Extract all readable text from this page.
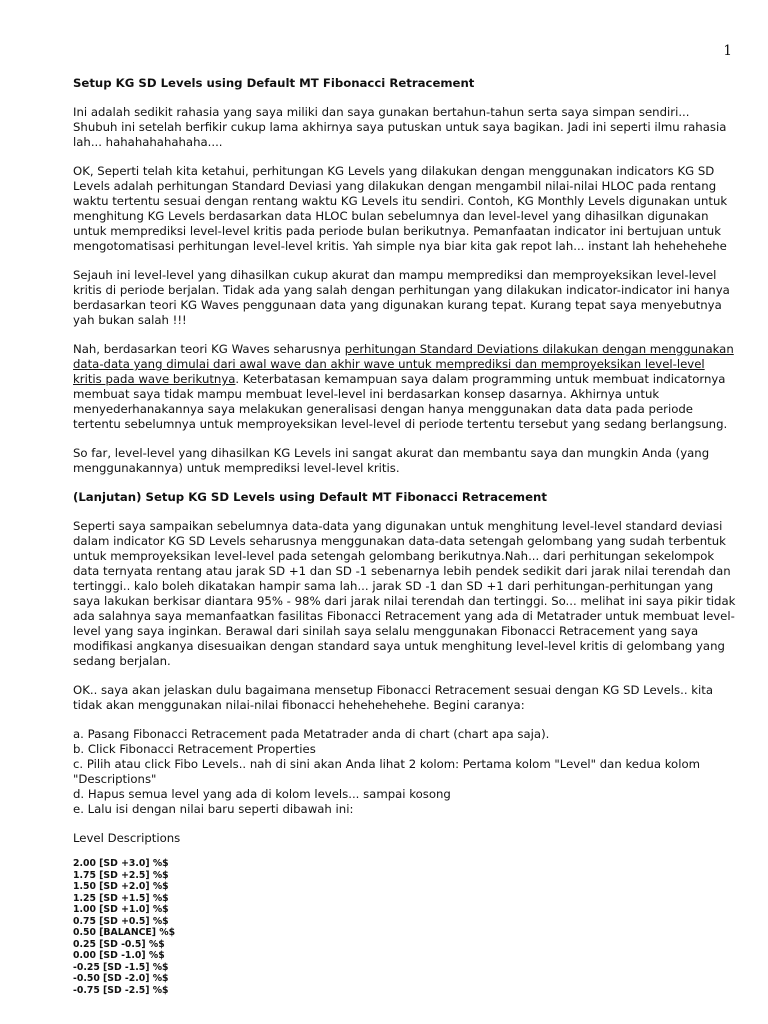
1
Setup KG SD Levels using Default MT Fibonacci Retracement
Ini adalah sedikit rahasia yang saya miliki dan saya gunakan bertahun-tahun serta saya simpan sendiri... Shubuh ini setelah berfikir cukup lama akhirnya saya putuskan untuk saya bagikan. Jadi ini seperti ilmu rahasia lah... hahahahahahaha....
OK, Seperti telah kita ketahui, perhitungan KG Levels yang dilakukan dengan menggunakan indicators KG SD Levels adalah perhitungan Standard Deviasi yang dilakukan dengan mengambil nilai-nilai HLOC pada rentang waktu tertentu sesuai dengan rentang waktu KG Levels itu sendiri. Contoh, KG Monthly Levels digunakan untuk menghitung KG Levels berdasarkan data HLOC bulan sebelumnya dan level-level yang dihasilkan digunakan untuk memprediksi level-level kritis pada periode bulan berikutnya. Pemanfaatan indicator ini bertujuan untuk mengotomatisasi perhitungan level-level kritis. Yah simple nya biar kita gak repot lah... instant lah hehehehehe
Sejauh ini level-level yang dihasilkan cukup akurat dan mampu memprediksi dan memproyeksikan level-level kritis di periode berjalan. Tidak ada yang salah dengan perhitungan yang dilakukan indicator-indicator ini hanya berdasarkan teori KG Waves penggunaan data yang digunakan kurang tepat. Kurang tepat saya menyebutnya yah bukan salah !!!
Nah, berdasarkan teori KG Waves seharusnya perhitungan Standard Deviations dilakukan dengan menggunakan data-data yang dimulai dari awal wave dan akhir wave untuk memprediksi dan memproyeksikan level-level kritis pada wave berikutnya. Keterbatasan kemampuan saya dalam programming untuk membuat indicatornya membuat saya tidak mampu membuat level-level ini berdasarkan konsep dasarnya. Akhirnya untuk menyederhanakannya saya melakukan generalisasi dengan hanya menggunakan data data pada periode tertentu sebelumnya untuk memproyeksikan level-level di periode tertentu tersebut yang sedang berlangsung.
So far, level-level yang dihasilkan KG Levels ini sangat akurat dan membantu saya dan mungkin Anda (yang menggunakannya) untuk memprediksi level-level kritis.
(Lanjutan) Setup KG SD Levels using Default MT Fibonacci Retracement
Seperti saya sampaikan sebelumnya data-data yang digunakan untuk menghitung level-level standard deviasi dalam indicator KG SD Levels seharusnya menggunakan data-data setengah gelombang yang sudah terbentuk untuk memproyeksikan level-level pada setengah gelombang berikutnya.Nah... dari perhitungan sekelompok data ternyata rentang atau jarak SD +1 dan SD -1 sebenarnya lebih pendek sedikit dari jarak nilai terendah dan tertinggi.. kalo boleh dikatakan hampir sama lah... jarak SD -1 dan SD +1 dari perhitungan-perhitungan yang saya lakukan berkisar diantara 95% - 98% dari jarak nilai terendah dan tertinggi. So... melihat ini saya pikir tidak ada salahnya saya memanfaatkan fasilitas Fibonacci Retracement yang ada di Metatrader untuk membuat level-level yang saya inginkan. Berawal dari sinilah saya selalu menggunakan Fibonacci Retracement yang saya modifikasi angkanya disesuaikan dengan standard saya untuk menghitung level-level kritis di gelombang yang sedang berjalan.
OK.. saya akan jelaskan dulu bagaimana mensetup Fibonacci Retracement sesuai dengan KG SD Levels.. kita tidak akan menggunakan nilai-nilai fibonacci hehehehehehe. Begini caranya:
a. Pasang Fibonacci Retracement pada Metatrader anda di chart (chart apa saja).
b. Click Fibonacci Retracement Properties
c. Pilih atau click Fibo Levels.. nah di sini akan Anda lihat 2 kolom: Pertama kolom "Level" dan kedua kolom "Descriptions"
d. Hapus semua level yang ada di kolom levels... sampai kosong
e. Lalu isi dengan nilai baru seperti dibawah ini:
Level Descriptions
2.00 [SD +3.0] %$
1.75 [SD +2.5] %$
1.50 [SD +2.0] %$
1.25 [SD +1.5] %$
1.00 [SD +1.0] %$
0.75 [SD +0.5] %$
0.50 [BALANCE] %$
0.25 [SD -0.5] %$
0.00 [SD -1.0] %$
-0.25 [SD -1.5] %$
-0.50 [SD -2.0] %$
-0.75 [SD -2.5] %$
